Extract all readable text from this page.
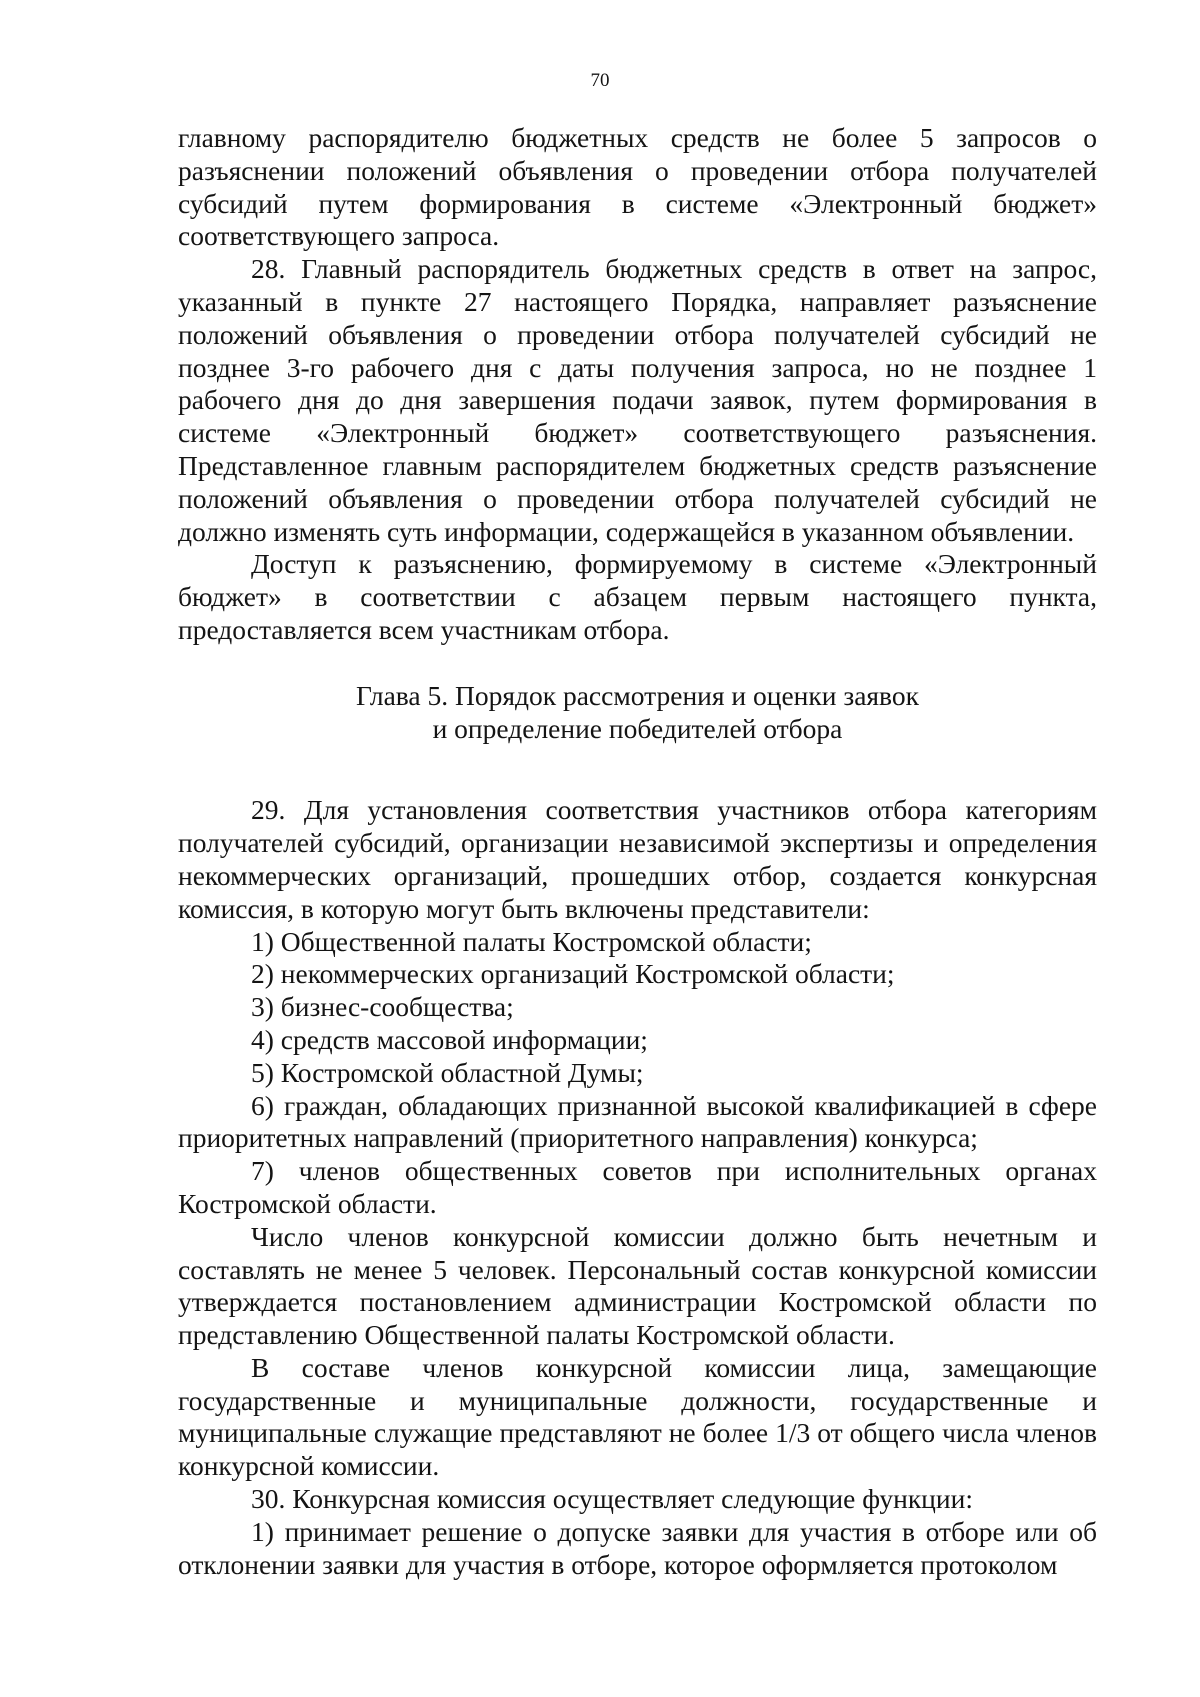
70

главному распорядителю бюджетных средств не более 5 запросов о разъяснении положений объявления о проведении отбора получателей субсидий путем формирования в системе «Электронный бюджет» соответствующего запроса.

28. Главный распорядитель бюджетных средств в ответ на запрос, указанный в пункте 27 настоящего Порядка, направляет разъяснение положений объявления о проведении отбора получателей субсидий не позднее 3-го рабочего дня с даты получения запроса, но не позднее 1 рабочего дня до дня завершения подачи заявок, путем формирования в системе «Электронный бюджет» соответствующего разъяснения. Представленное главным распорядителем бюджетных средств разъяснение положений объявления о проведении отбора получателей субсидий не должно изменять суть информации, содержащейся в указанном объявлении.

Доступ к разъяснению, формируемому в системе «Электронный бюджет» в соответствии с абзацем первым настоящего пункта, предоставляется всем участникам отбора.

Глава 5. Порядок рассмотрения и оценки заявок
и определение победителей отбора

29. Для установления соответствия участников отбора категориям получателей субсидий, организации независимой экспертизы и определения некоммерческих организаций, прошедших отбор, создается конкурсная комиссия, в которую могут быть включены представители:

1) Общественной палаты Костромской области;

2) некоммерческих организаций Костромской области;

3) бизнес-сообщества;

4) средств массовой информации;

5) Костромской областной Думы;

6) граждан, обладающих признанной высокой квалификацией в сфере приоритетных направлений (приоритетного направления) конкурса;

7) членов общественных советов при исполнительных органах Костромской области.

Число членов конкурсной комиссии должно быть нечетным и составлять не менее 5 человек. Персональный состав конкурсной комиссии утверждается постановлением администрации Костромской области по представлению Общественной палаты Костромской области.

В составе членов конкурсной комиссии лица, замещающие государственные и муниципальные должности, государственные и муниципальные служащие представляют не более 1/3 от общего числа членов конкурсной комиссии.

30. Конкурсная комиссия осуществляет следующие функции:

1) принимает решение о допуске заявки для участия в отборе или об отклонении заявки для участия в отборе, которое оформляется протоколом
